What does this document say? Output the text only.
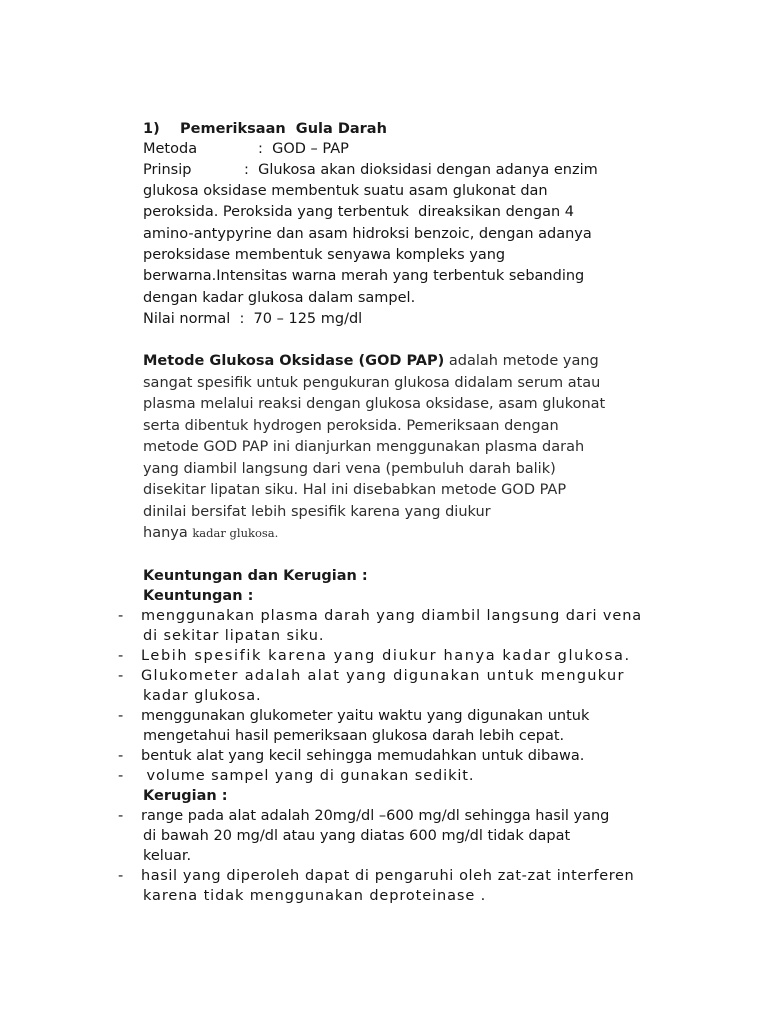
1) Pemeriksaan  Gula Darah
Metoda	:  GOD – PAP
Prinsip	:  Glukosa akan dioksidasi dengan adanya enzim
glukosa oksidase membentuk suatu asam glukonat dan
peroksida. Peroksida yang terbentuk  direaksikan dengan 4
amino-antypyrine dan asam hidroksi benzoic, dengan adanya
peroksidase membentuk senyawa kompleks yang
berwarna.Intensitas warna merah yang terbentuk sebanding
dengan kadar glukosa dalam sampel.
Nilai normal  :  70 – 125 mg/dl
Metode Glukosa Oksidase (GOD PAP) adalah metode yang
sangat spesifik untuk pengukuran glukosa didalam serum atau
plasma melalui reaksi dengan glukosa oksidase, asam glukonat
serta dibentuk hydrogen peroksida. Pemeriksaan dengan
metode GOD PAP ini dianjurkan menggunakan plasma darah
yang diambil langsung dari vena (pembuluh darah balik)
disekitar lipatan siku. Hal ini disebabkan metode GOD PAP
dinilai bersifat lebih spesifik karena yang diukur
hanya kadar glukosa.
Keuntungan dan Kerugian :
Keuntungan :
- menggunakan plasma darah yang diambil langsung dari vena
di sekitar lipatan siku.
- Lebih spesifik karena yang diukur hanya kadar glukosa.
- Glukometer adalah alat yang digunakan untuk mengukur
kadar glukosa.
- menggunakan glukometer yaitu waktu yang digunakan untuk
mengetahui hasil pemeriksaan glukosa darah lebih cepat.
- bentuk alat yang kecil sehingga memudahkan untuk dibawa.
- volume sampel yang di gunakan sedikit.
Kerugian :
- range pada alat adalah 20mg/dl –600 mg/dl sehingga hasil yang
di bawah 20 mg/dl atau yang diatas 600 mg/dl tidak dapat
keluar.
- hasil yang diperoleh dapat di pengaruhi oleh zat-zat interferen
karena tidak menggunakan deproteinase .
